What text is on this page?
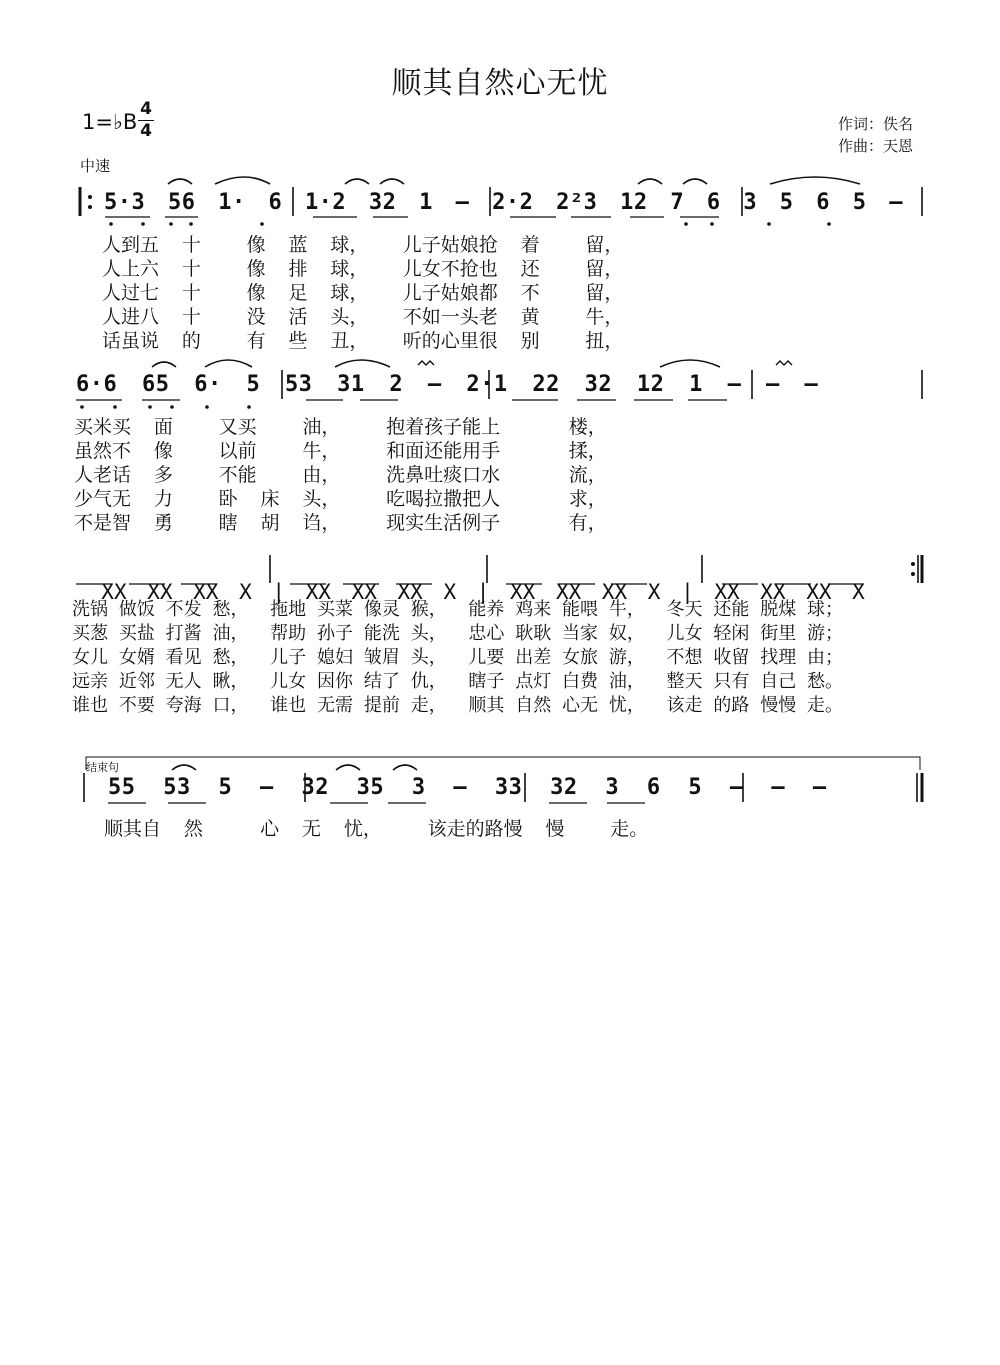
顺其自然心无忧
1=♭B
4
4
中速
作词：佚名
作曲：天恩
5·3 56 1· 6 1·2 32 1 – 2·2 2²3 12 7 6 3 5 6 5 –
人到五  十    像  蓝  球，   儿子姑娘抢  着    留，
人上六  十    像  排  球，   儿女不抢也  还    留，
人过七  十    像  足  球，   儿子姑娘都  不    留，
人进八  十    没  活  头，   不如一头老  黄    牛，
话虽说  的    有  些  丑，   听的心里很  别    扭，
6·6 65 6· 5 53 31 2 – 2·1 22 32 12 1 – – –
买米买  面    又买    油，    抱着孩子能上      楼，
虽然不  像    以前    牛，    和面还能用手      揉，
人老话  多    不能    由，    洗鼻吐痰口水      流，
少气无  力    卧  床  头，    吃喝拉撒把人      求，
不是智  勇    瞎  胡  诌，    现实生活例子      有，

XX XX XX X | XX XX XX X | XX XX XX X | XX XX XX X

洗锅 做饭 不发 愁，  拖地 买菜 像灵 猴，  能养 鸡来 能喂 牛，  冬天 还能 脱煤 球；
买葱 买盐 打酱 油，  帮助 孙子 能洗 头，  忠心 耿耿 当家 奴，  儿女 轻闲 街里 游；
女儿 女婿 看见 愁，  儿子 媳妇 皱眉 头，  儿要 出差 女旅 游，  不想 收留 找理 由；
远亲 近邻 无人 瞅，  儿女 因你 结了 仇，  瞎子 点灯 白费 油，  整天 只有 自己 愁。
谁也 不要 夸海 口，  谁也 无需 提前 走，  顺其 自然 心无 忧，  该走 的路 慢慢 走。
结束句
55 53 5 – 32 35 3 – 33 32 3 6 5 – – –
顺其自  然     心  无  忧，    该走的路慢  慢    走。
